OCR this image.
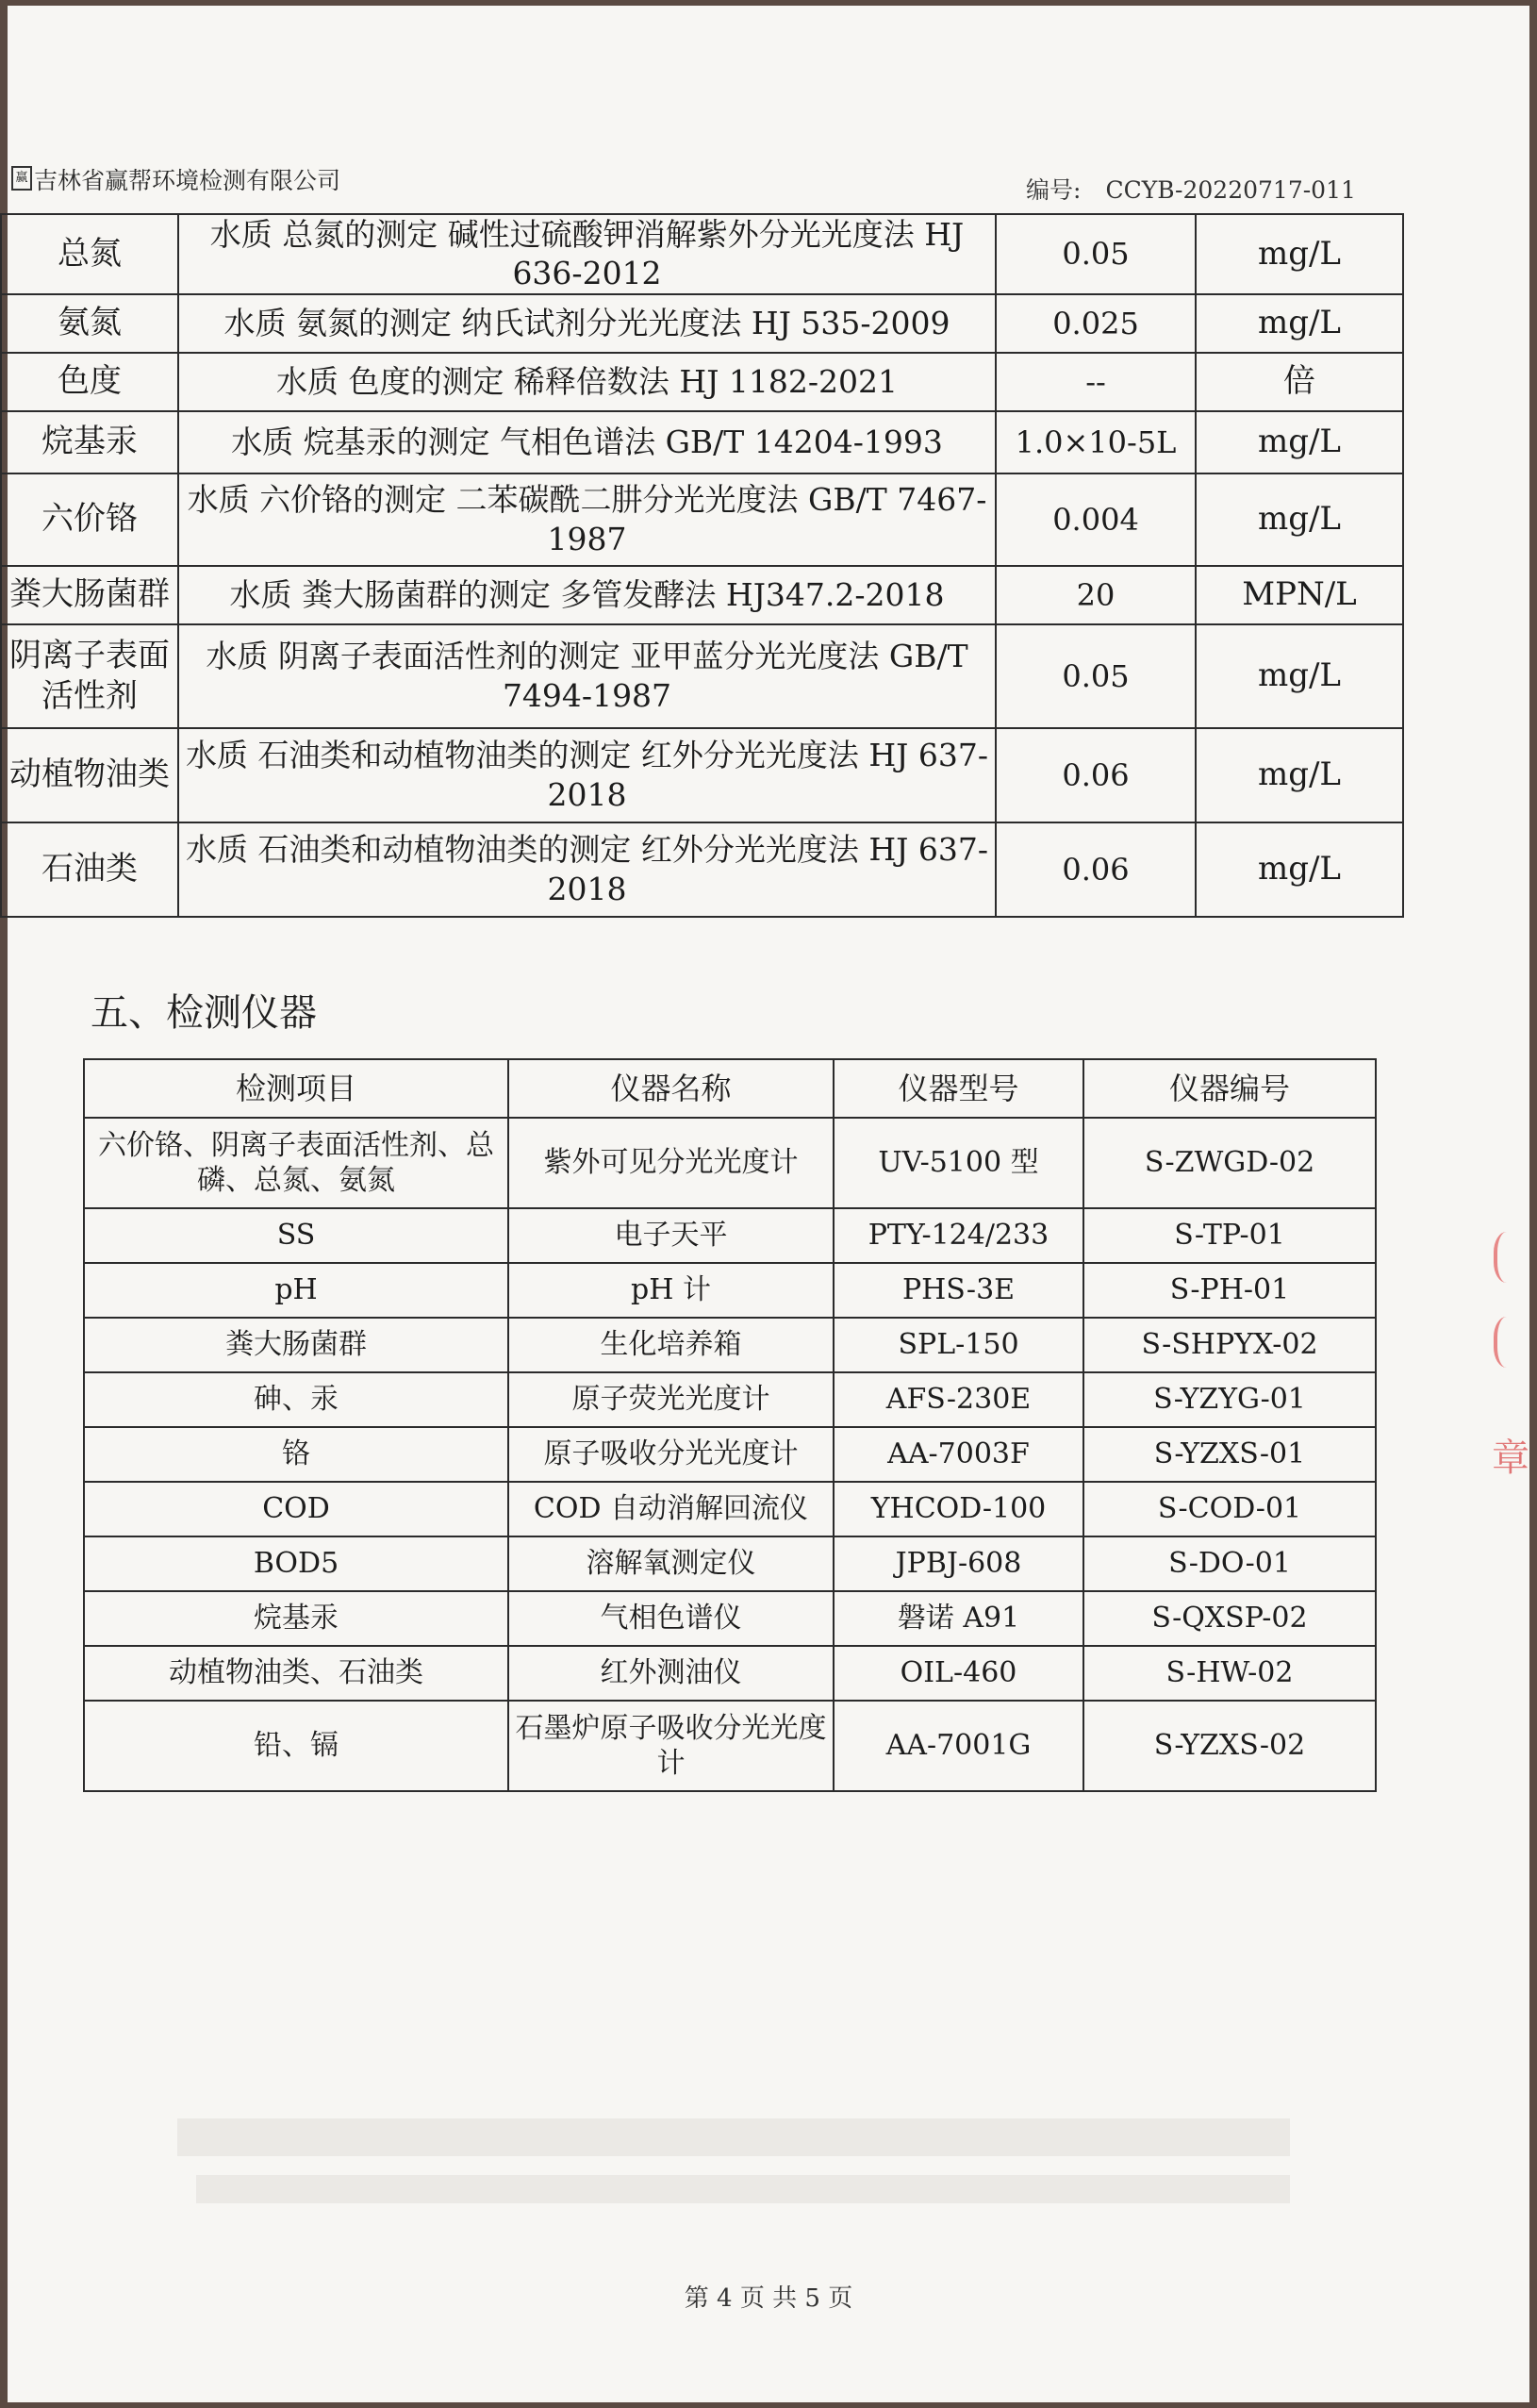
赢 吉林省赢帮环境检测有限公司	编号: CCYB-20220717-011
总氮	水质 总氮的测定 碱性过硫酸钾消解紫外分光光度法 HJ 636-2012	0.05	mg/L
氨氮	水质 氨氮的测定 纳氏试剂分光光度法 HJ 535-2009	0.025	mg/L
色度	水质 色度的测定 稀释倍数法 HJ 1182-2021	--	倍
烷基汞	水质 烷基汞的测定 气相色谱法 GB/T 14204-1993	1.0×10-5L	mg/L
六价铬	水质 六价铬的测定 二苯碳酰二肼分光光度法 GB/T 7467-1987	0.004	mg/L
粪大肠菌群	水质 粪大肠菌群的测定 多管发酵法 HJ347.2-2018	20	MPN/L
阴离子表面活性剂	水质 阴离子表面活性剂的测定 亚甲蓝分光光度法 GB/T 7494-1987	0.05	mg/L
动植物油类	水质 石油类和动植物油类的测定 红外分光光度法 HJ 637-2018	0.06	mg/L
石油类	水质 石油类和动植物油类的测定 红外分光光度法 HJ 637-2018	0.06	mg/L
五、检测仪器
检测项目	仪器名称	仪器型号	仪器编号
六价铬、阴离子表面活性剂、总磷、总氮、氨氮	紫外可见分光光度计	UV-5100 型	S-ZWGD-02
SS	电子天平	PTY-124/233	S-TP-01
pH	pH 计	PHS-3E	S-PH-01
粪大肠菌群	生化培养箱	SPL-150	S-SHPYX-02
砷、汞	原子荧光光度计	AFS-230E	S-YZYG-01
铬	原子吸收分光光度计	AA-7003F	S-YZXS-01
COD	COD 自动消解回流仪	YHCOD-100	S-COD-01
BOD5	溶解氧测定仪	JPBJ-608	S-DO-01
烷基汞	气相色谱仪	磐诺 A91	S-QXSP-02
动植物油类、石油类	红外测油仪	OIL-460	S-HW-02
铅、镉	石墨炉原子吸收分光光度计	AA-7001G	S-YZXS-02
章
第 4 页 共 5 页
